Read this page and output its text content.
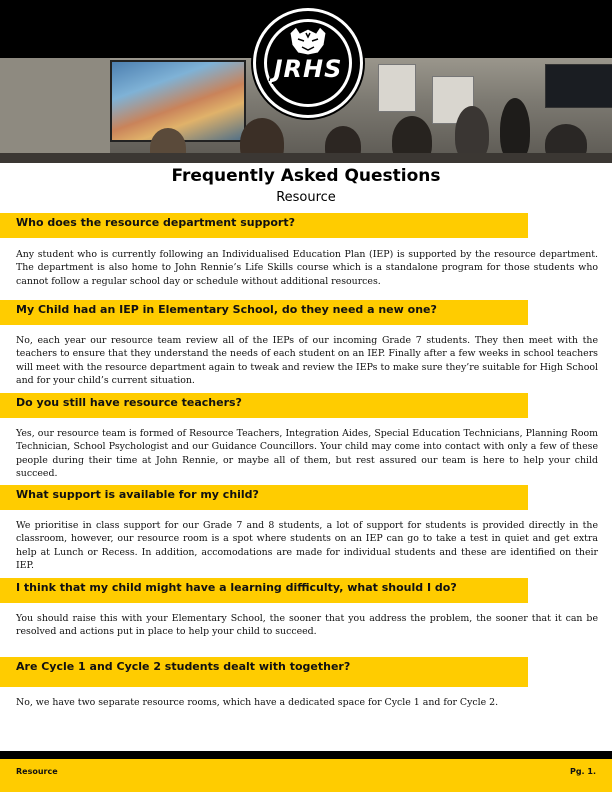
JRHS
Frequently Asked Questions
Resource
Who does the resource department support?
Any student who is currently following an Individualised Education Plan (IEP) is supported by the resource department. The department is also home to John Rennie’s Life Skills course which is a standalone program for those students who cannot follow a regular school day or schedule without additional resources.
My Child had an IEP in Elementary School, do they need a new one?
No, each year our resource team review all of the IEPs of our incoming Grade 7 students. They then meet with the teachers to ensure that they understand the needs of each student on an IEP. Finally after a few weeks in school teachers will meet with the resource department again to tweak and review the IEPs to make sure they’re suitable for High School and for your child’s current situation.
Do you still have resource teachers?
Yes, our resource team is formed of Resource Teachers, Integration Aides, Special Education Technicians, Planning Room Technician, School Psychologist and our Guidance Councillors. Your child may come into contact with only a few of these people during their time at John Rennie, or maybe all of them, but rest assured our team is here to help your child succeed.
What support is available for my child?
We prioritise in class support for our Grade 7 and 8 students, a lot of support for students is provided directly in the classroom, however, our resource room is a spot where students on an IEP can go to take a test in quiet and get extra help at Lunch or Recess. In addition, accomodations are made for individual students and these are identified on their IEP.
I think that my child might have a learning difficulty, what should I do?
You should raise this with your Elementary School, the sooner that you address the problem, the sooner that it can be resolved and actions put in place to help your child to succeed.
Are Cycle 1 and Cycle 2 students dealt with together?
No, we have two separate resource rooms, which have a dedicated space for Cycle 1 and for Cycle 2.
Resource	Pg. 1.
